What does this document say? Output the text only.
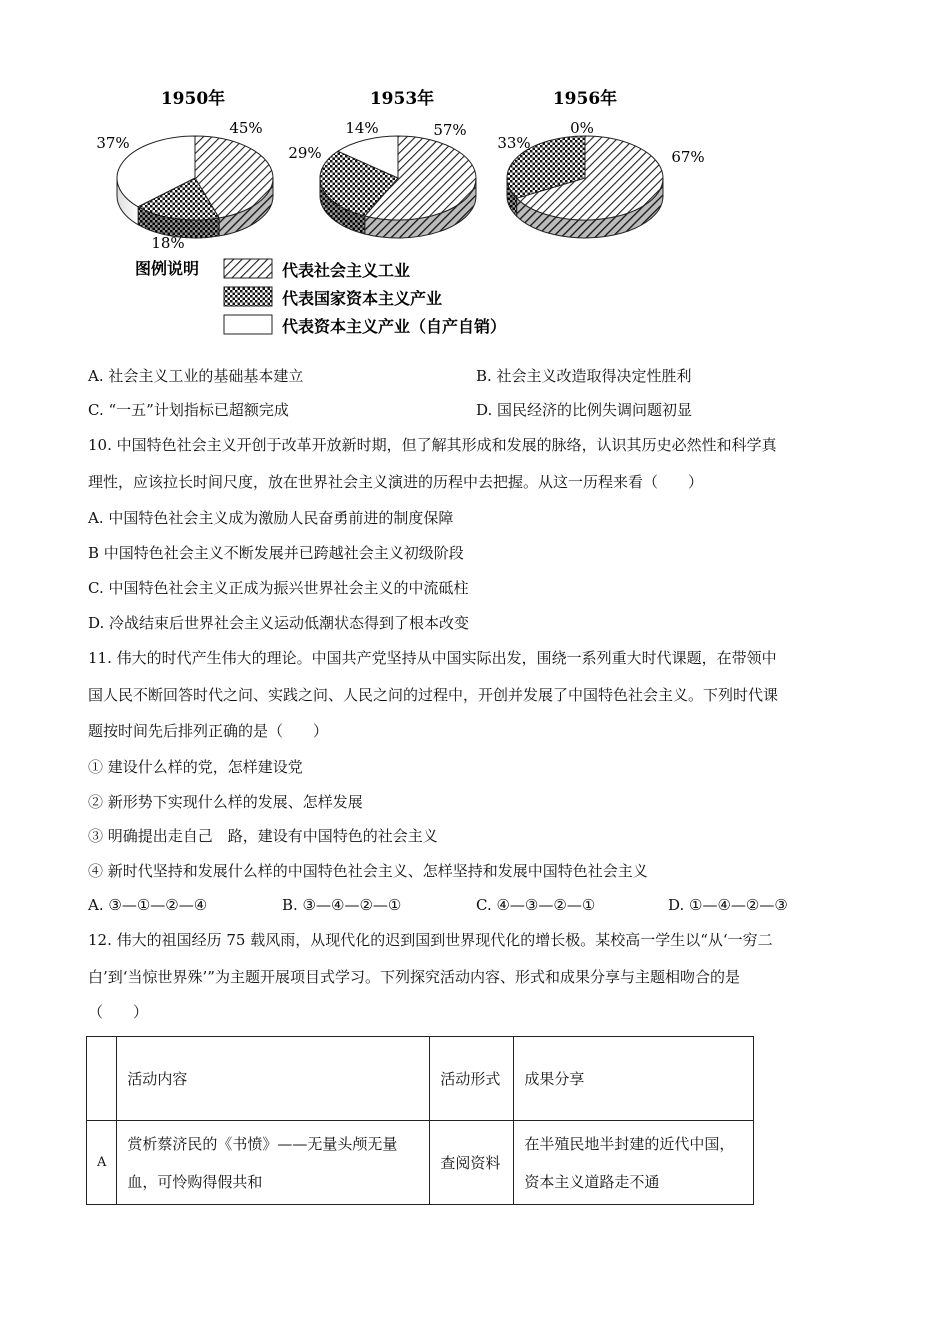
1950年
45%
18%
37%
1953年
57%
29%
14%
1956年
67%
33%
0%
图例说明	代表社会主义工业
代表国家资本主义产业
代表资本主义产业（自产自销）
A. 社会主义工业的基础基本建立	B. 社会主义改造取得决定性胜利
C. “一五”计划指标已超额完成	D. 国民经济的比例失调问题初显
10. 中国特色社会主义开创于改革开放新时期，但了解其形成和发展的脉络，认识其历史必然性和科学真
理性，应该拉长时间尺度，放在世界社会主义演进的历程中去把握。从这一历程来看（　　）
A. 中国特色社会主义成为激励人民奋勇前进的制度保障
B 中国特色社会主义不断发展并已跨越社会主义初级阶段
C. 中国特色社会主义正成为振兴世界社会主义的中流砥柱
D. 冷战结束后世界社会主义运动低潮状态得到了根本改变
11. 伟大的时代产生伟大的理论。中国共产党坚持从中国实际出发，围绕一系列重大时代课题，在带领中
国人民不断回答时代之问、实践之问、人民之问的过程中，开创并发展了中国特色社会主义。下列时代课
题按时间先后排列正确的是（　　）
① 建设什么样的党，怎样建设党
② 新形势下实现什么样的发展、怎样发展
③ 明确提出走自己　路，建设有中国特色的社会主义
④ 新时代坚持和发展什么样的中国特色社会主义、怎样坚持和发展中国特色社会主义
A. ③—①—②—④	B. ③—④—②—①	C. ④—③—②—①	D. ①—④—②—③
12. 伟大的祖国经历 75 载风雨，从现代化的迟到国到世界现代化的增长极。某校高一学生以“从‘一穷二
白’到‘当惊世界殊’”为主题开展项目式学习。下列探究活动内容、形式和成果分享与主题相吻合的是
（　　）
	活动内容	活动形式	成果分享
A	赏析蔡济民的《书愤》——无量头颅无量血，可怜购得假共和	查阅资料	在半殖民地半封建的近代中国，资本主义道路走不通
